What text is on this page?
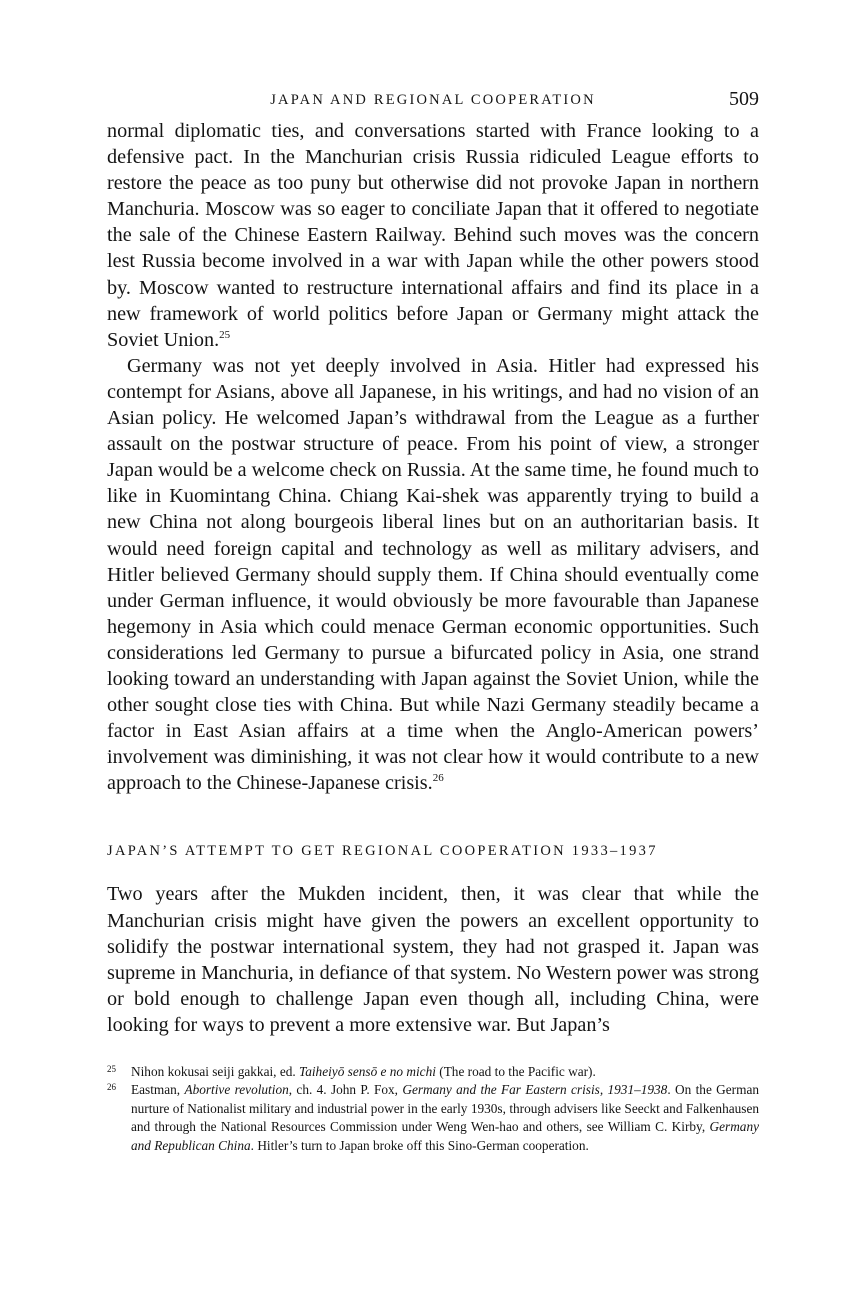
JAPAN AND REGIONAL COOPERATION	509

normal diplomatic ties, and conversations started with France looking to a defensive pact. In the Manchurian crisis Russia ridiculed League efforts to restore the peace as too puny but otherwise did not provoke Japan in northern Manchuria. Moscow was so eager to conciliate Japan that it offered to negotiate the sale of the Chinese Eastern Railway. Behind such moves was the concern lest Russia become involved in a war with Japan while the other powers stood by. Moscow wanted to restructure international affairs and find its place in a new framework of world politics before Japan or Germany might attack the Soviet Union.$^{25}$

Germany was not yet deeply involved in Asia. Hitler had expressed his contempt for Asians, above all Japanese, in his writings, and had no vision of an Asian policy. He welcomed Japan’s withdrawal from the League as a further assault on the postwar structure of peace. From his point of view, a stronger Japan would be a welcome check on Russia. At the same time, he found much to like in Kuomintang China. Chiang Kai-shek was apparently trying to build a new China not along bourgeois liberal lines but on an authoritarian basis. It would need foreign capital and technology as well as military advisers, and Hitler believed Germany should supply them. If China should eventually come under German influence, it would obviously be more favourable than Japanese hegemony in Asia which could menace German economic opportunities. Such considerations led Germany to pursue a bifurcated policy in Asia, one strand looking toward an understanding with Japan against the Soviet Union, while the other sought close ties with China. But while Nazi Germany steadily became a factor in East Asian affairs at a time when the Anglo-American powers’ involvement was diminishing, it was not clear how it would contribute to a new approach to the Chinese-Japanese crisis.$^{26}$

JAPAN’S ATTEMPT TO GET REGIONAL COOPERATION 1933–1937

Two years after the Mukden incident, then, it was clear that while the Manchurian crisis might have given the powers an excellent opportunity to solidify the postwar international system, they had not grasped it. Japan was supreme in Manchuria, in defiance of that system. No Western power was strong or bold enough to challenge Japan even though all, including China, were looking for ways to prevent a more extensive war. But Japan’s

25 Nihon kokusai seiji gakkai, ed. Taiheiyō sensō e no michi (The road to the Pacific war).
26 Eastman, Abortive revolution, ch. 4. John P. Fox, Germany and the Far Eastern crisis, 1931–1938. On the German nurture of Nationalist military and industrial power in the early 1930s, through advisers like Seeckt and Falkenhausen and through the National Resources Commission under Weng Wen-hao and others, see William C. Kirby, Germany and Republican China. Hitler’s turn to Japan broke off this Sino-German cooperation.
